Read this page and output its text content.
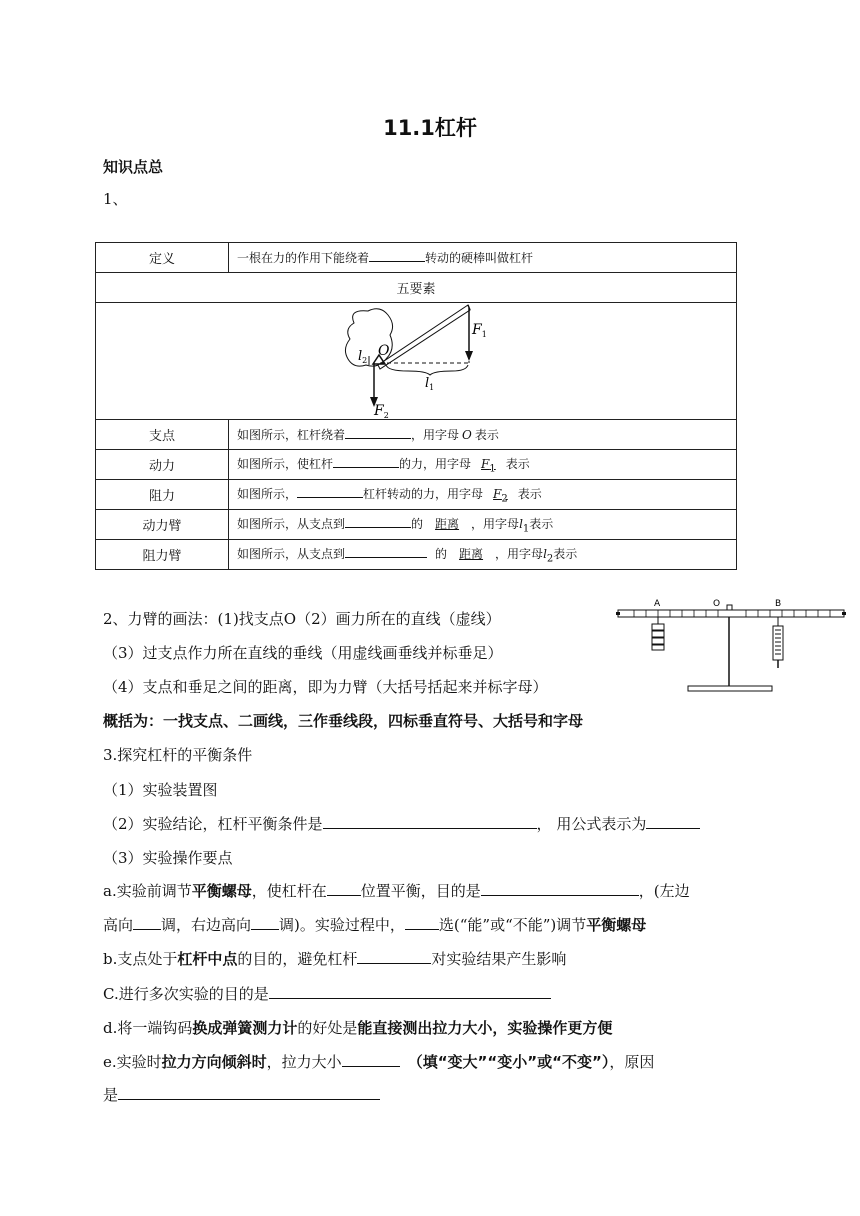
11.1杠杆
知识点总
1、
定义	一根在力的作用下能绕着 转动的硬棒叫做杠杆
五要素	

$l_2$
O
$F_1$
$l_1$
$F_2$

支点	如图所示，杠杆绕着 ，用字母 O 表示
动力	如图所示，使杠杆 的力，用字母 $F_1$ 表示
阻力	如图所示， 杠杆转动的力，用字母 $F_2$ 表示
动力臂	如图所示，从支点到 的 距离 ，用字母$l_1$表示
阻力臂	如图所示，从支点到 的 距离 ，用字母$l_2$表示
A	O	B
2、力臂的画法：(1)找支点O（2）画力所在的直线（虚线）
（3）过支点作力所在直线的垂线（用虚线画垂线并标垂足）
（4）支点和垂足之间的距离，即为力臂（大括号括起来并标字母）
概括为：一找支点、二画线，三作垂线段，四标垂直符号、大括号和字母
3.探究杠杆的平衡条件
（1）实验装置图
（2）实验结论，杠杆平衡条件是	， 用公式表示为
（3）实验操作要点
a.实验前调节平衡螺母，使杠杆在 位置平衡，目的是	，(左边
高向 调，右边高向 调)。实验过程中， 选(“能”或“不能”)调节平衡螺母
b.支点处于杠杆中点的目的，避免杠杆	对实验结果产生影响
C.进行多次实验的目的是
d.将一端钩码换成弹簧测力计的好处是能直接测出拉力大小，实验操作更方便
e.实验时拉力方向倾斜时，拉力大小	（填“变大”“变小”或“不变”），原因
是
